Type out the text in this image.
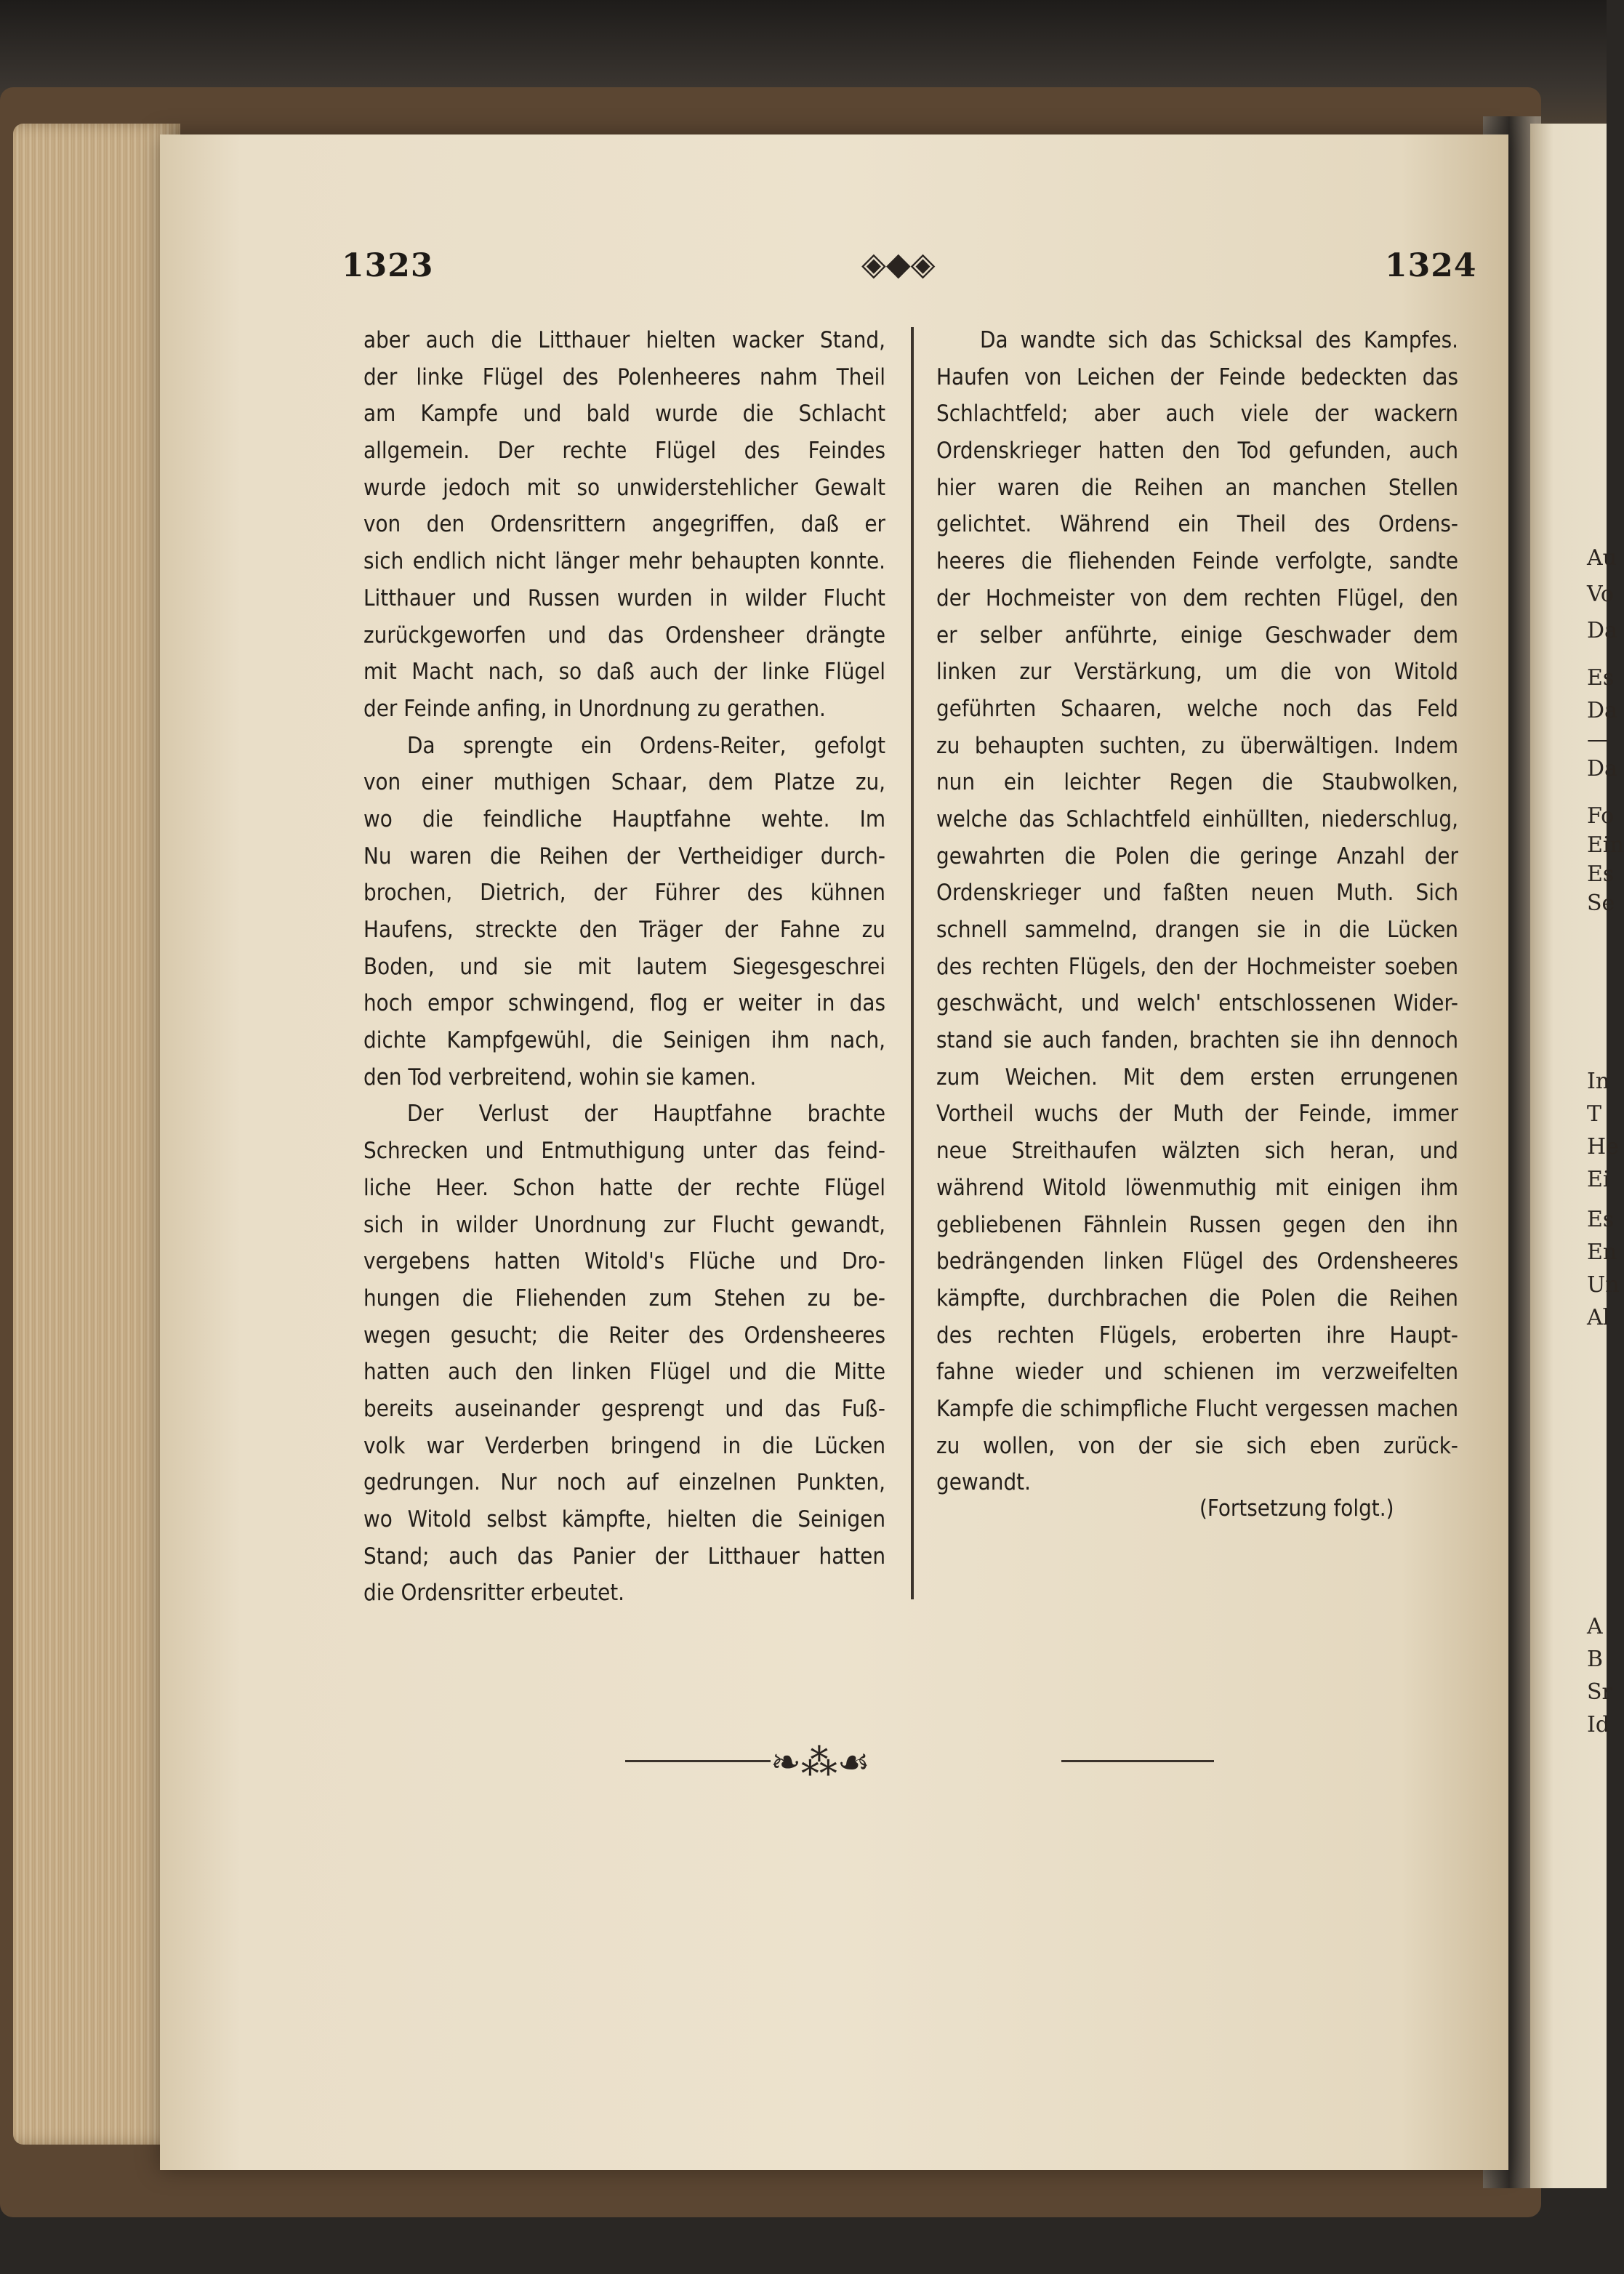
Au
Vo
Da
Es
Da
—
Da
Fo
Ein
Es
Se
In
T
He
Ei
Es
En
Un
Al
A
B
Sr
Id
1323	◈◆◈	1324
aber auch die Litthauer hielten wacker Stand,
der linke Flügel des Polenheeres nahm Theil
am Kampfe und bald wurde die Schlacht
allgemein. Der rechte Flügel des Feindes
wurde jedoch mit so unwiderstehlicher Gewalt
von den Ordensrittern angegriffen, daß er
sich endlich nicht länger mehr behaupten konnte.
Litthauer und Russen wurden in wilder Flucht
zurückgeworfen und das Ordensheer drängte
mit Macht nach, so daß auch der linke Flügel
der Feinde anfing, in Unordnung zu gerathen.
Da sprengte ein Ordens-Reiter, gefolgt
von einer muthigen Schaar, dem Platze zu,
wo die feindliche Hauptfahne wehte. Im
Nu waren die Reihen der Vertheidiger durch-
brochen, Dietrich, der Führer des kühnen
Haufens, streckte den Träger der Fahne zu
Boden, und sie mit lautem Siegesgeschrei
hoch empor schwingend, flog er weiter in das
dichte Kampfgewühl, die Seinigen ihm nach,
den Tod verbreitend, wohin sie kamen.
Der Verlust der Hauptfahne brachte
Schrecken und Entmuthigung unter das feind-
liche Heer. Schon hatte der rechte Flügel
sich in wilder Unordnung zur Flucht gewandt,
vergebens hatten Witold's Flüche und Dro-
hungen die Fliehenden zum Stehen zu be-
wegen gesucht; die Reiter des Ordensheeres
hatten auch den linken Flügel und die Mitte
bereits auseinander gesprengt und das Fuß-
volk war Verderben bringend in die Lücken
gedrungen. Nur noch auf einzelnen Punkten,
wo Witold selbst kämpfte, hielten die Seinigen
Stand; auch das Panier der Litthauer hatten
die Ordensritter erbeutet.
Da wandte sich das Schicksal des Kampfes.
Haufen von Leichen der Feinde bedeckten das
Schlachtfeld; aber auch viele der wackern
Ordenskrieger hatten den Tod gefunden, auch
hier waren die Reihen an manchen Stellen
gelichtet. Während ein Theil des Ordens-
heeres die fliehenden Feinde verfolgte, sandte
der Hochmeister von dem rechten Flügel, den
er selber anführte, einige Geschwader dem
linken zur Verstärkung, um die von Witold
geführten Schaaren, welche noch das Feld
zu behaupten suchten, zu überwältigen. Indem
nun ein leichter Regen die Staubwolken,
welche das Schlachtfeld einhüllten, niederschlug,
gewahrten die Polen die geringe Anzahl der
Ordenskrieger und faßten neuen Muth. Sich
schnell sammelnd, drangen sie in die Lücken
des rechten Flügels, den der Hochmeister soeben
geschwächt, und welch' entschlossenen Wider-
stand sie auch fanden, brachten sie ihn dennoch
zum Weichen. Mit dem ersten errungenen
Vortheil wuchs der Muth der Feinde, immer
neue Streithaufen wälzten sich heran, und
während Witold löwenmuthig mit einigen ihm
gebliebenen Fähnlein Russen gegen den ihn
bedrängenden linken Flügel des Ordensheeres
kämpfte, durchbrachen die Polen die Reihen
des rechten Flügels, eroberten ihre Haupt-
fahne wieder und schienen im verzweifelten
Kampfe die schimpfliche Flucht vergessen machen
zu wollen, von der sie sich eben zurück-
gewandt.
(Fortsetzung folgt.)
❧⁂☙
